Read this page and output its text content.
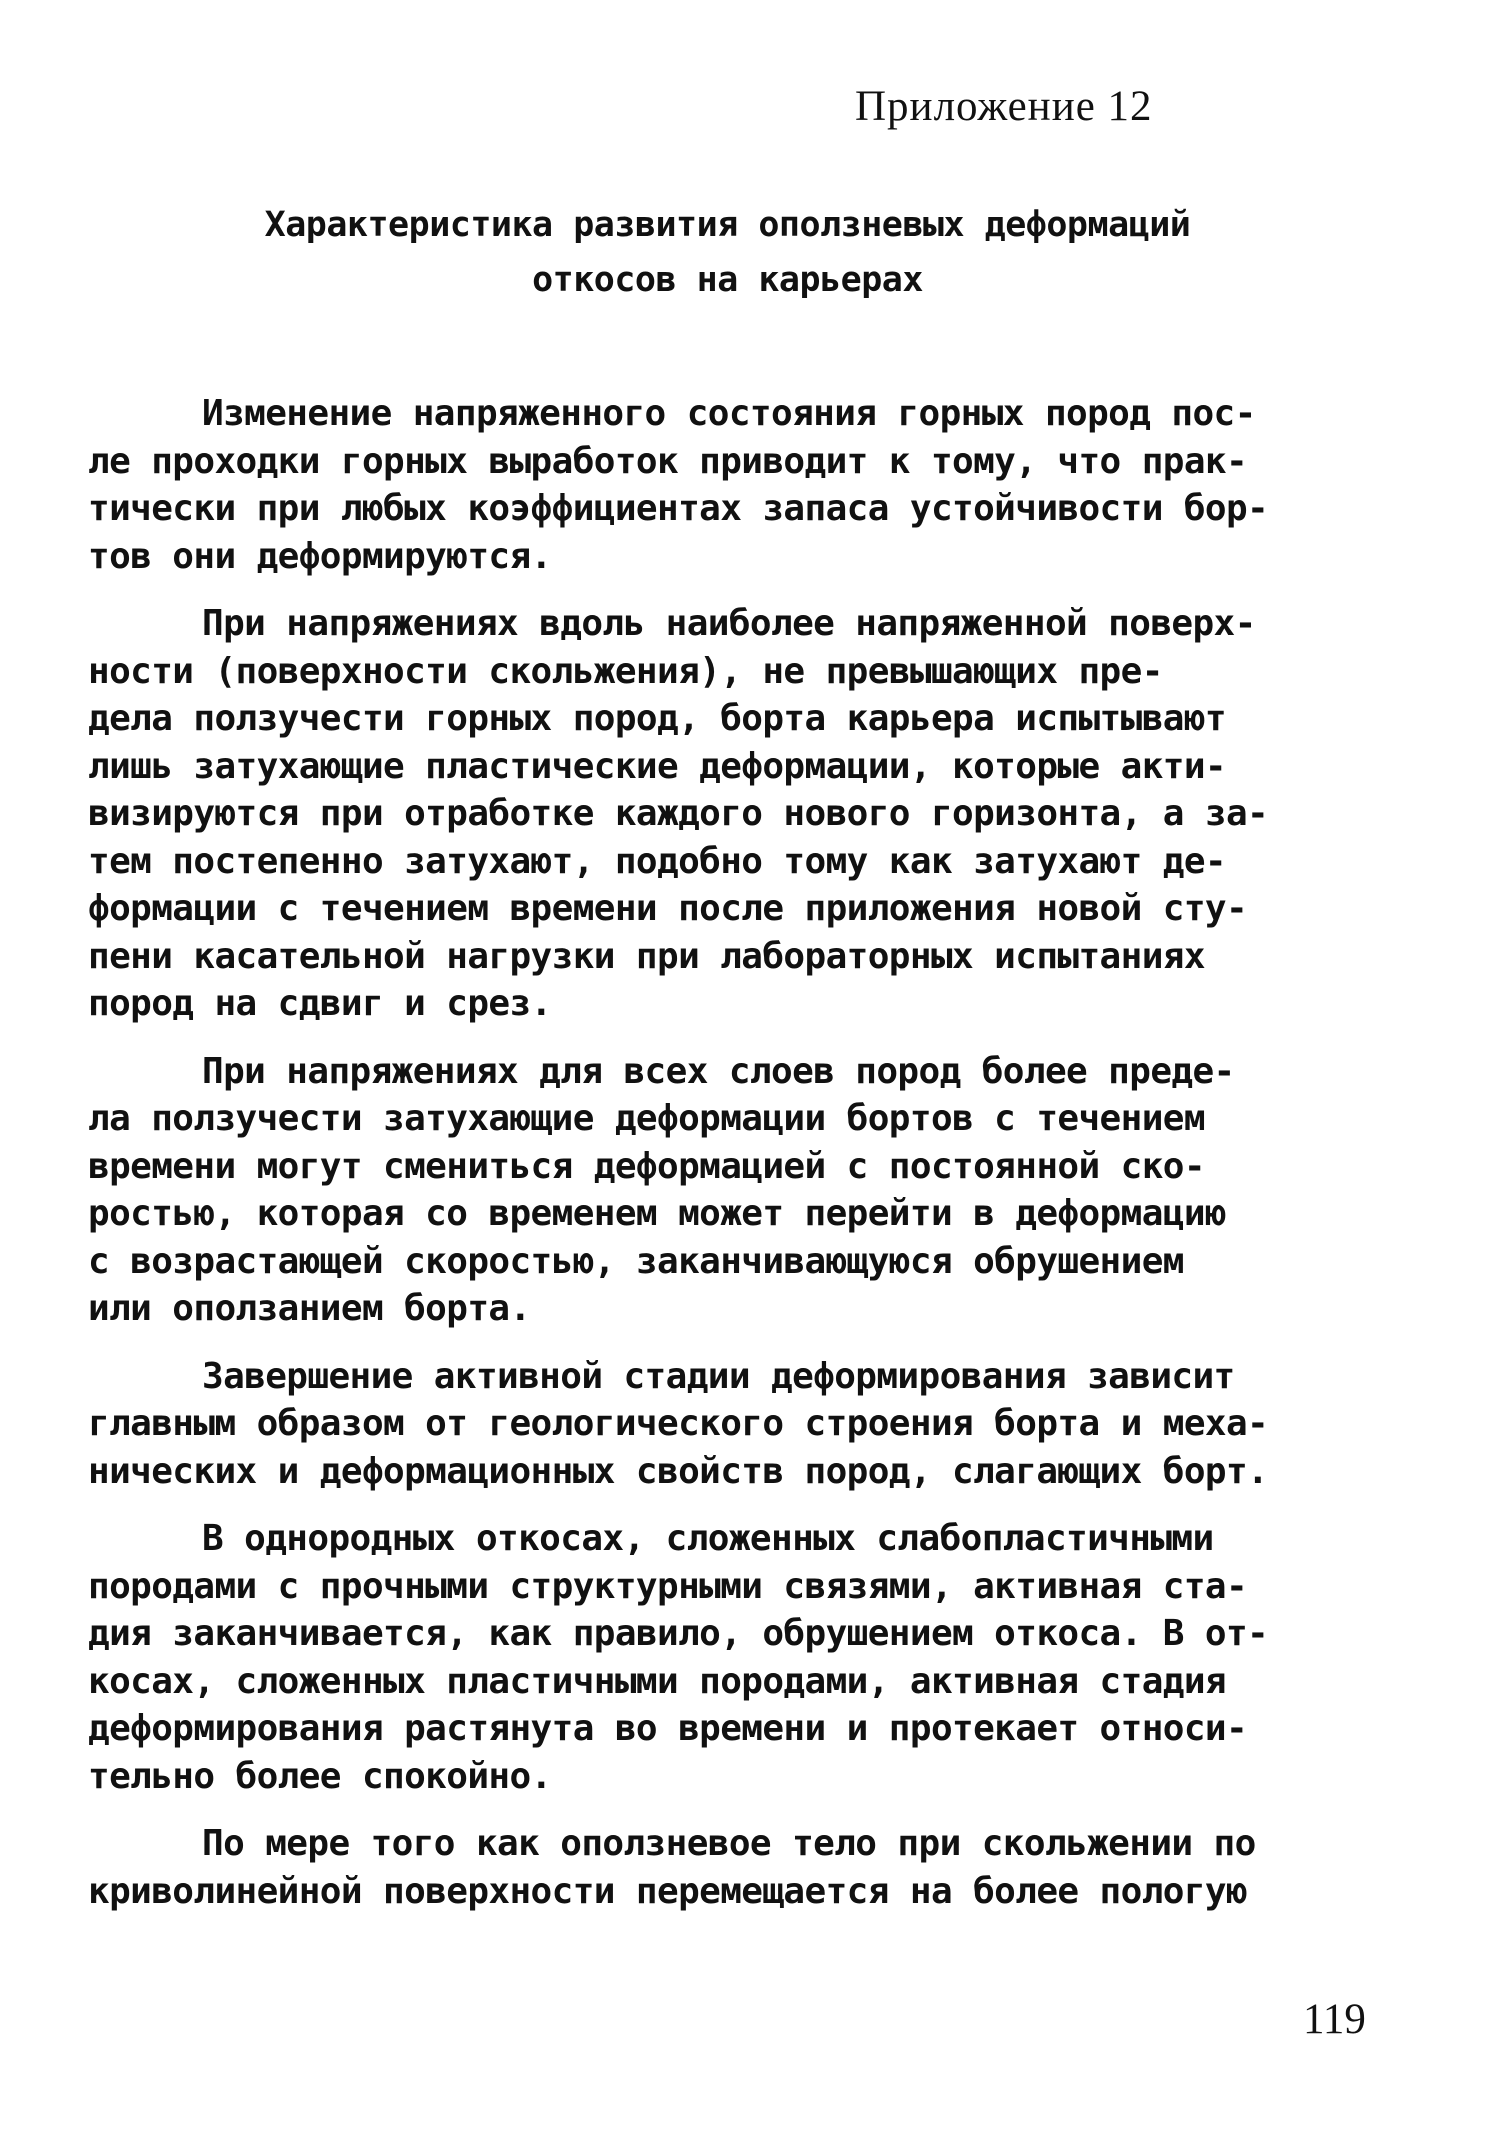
Приложение 12
Характеристика развития оползневых деформаций
откосов на карьерах
Изменение напряженного состояния горных пород пос-
ле проходки горных выработок приводит к тому, что прак-
тически при любых коэффициентах запаса устойчивости бор-
тов они деформируются.
При напряжениях вдоль наиболее напряженной поверх-
ности (поверхности скольжения), не превышающих пре-
дела ползучести горных пород, борта карьера испытывают
лишь затухающие пластические деформации, которые акти-
визируются при отработке каждого нового горизонта, а за-
тем постепенно затухают, подобно тому как затухают де-
формации с течением времени после приложения новой сту-
пени касательной нагрузки при лабораторных испытаниях
пород на сдвиг и срез.
При напряжениях для всех слоев пород более преде-
ла ползучести затухающие деформации бортов с течением
времени могут смениться деформацией с постоянной ско-
ростью, которая со временем может перейти в деформацию
с возрастающей скоростью, заканчивающуюся обрушением
или оползанием борта.
Завершение активной стадии деформирования зависит
главным образом от геологического строения борта и меха-
нических и деформационных свойств пород, слагающих борт.
В однородных откосах, сложенных слабопластичными
породами с прочными структурными связями, активная ста-
дия заканчивается, как правило, обрушением откоса. В от-
косах, сложенных пластичными породами, активная стадия
деформирования растянута во времени и протекает относи-
тельно более спокойно.
По мере того как оползневое тело при скольжении по
криволинейной поверхности перемещается на более пологую
119
